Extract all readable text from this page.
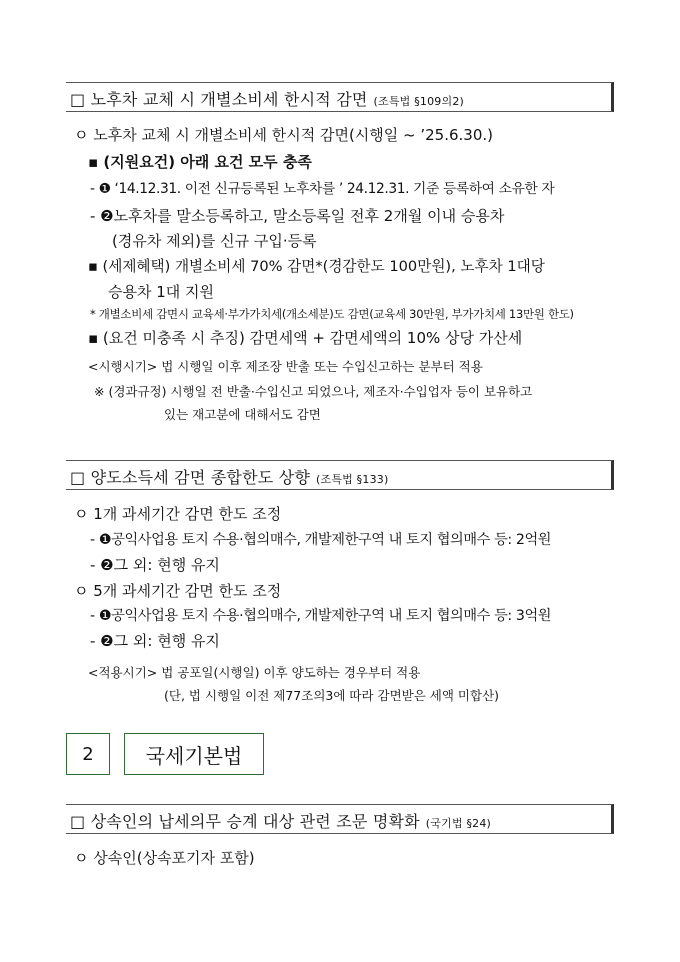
□ 노후차 교체 시 개별소비세 한시적 감면 (조특법 §109의2)
ㅇ 노후차 교체 시 개별소비세 한시적 감면(시행일 ~ ’25.6.30.)
▪ (지원요건) 아래 요건 모두 충족
- ❶ ‘14.12.31. 이전 신규등록된 노후차를 ’ 24.12.31. 기준 등록하여 소유한 자
- ❷노후차를 말소등록하고, 말소등록일 전후 2개월 이내 승용차
(경유차 제외)를 신규 구입·등록
▪ (세제혜택) 개별소비세 70% 감면*(경감한도 100만원), 노후차 1대당
승용차 1대 지원
* 개별소비세 감면시 교육세·부가가치세(개소세분)도 감면(교육세 30만원, 부가가치세 13만원 한도)
▪ (요건 미충족 시 추징) 감면세액 + 감면세액의 10% 상당 가산세
<시행시기> 법 시행일 이후 제조장 반출 또는 수입신고하는 분부터 적용
※ (경과규정) 시행일 전 반출·수입신고 되었으나, 제조자·수입업자 등이 보유하고
있는 재고분에 대해서도 감면
□ 양도소득세 감면 종합한도 상향 (조특법 §133)
ㅇ 1개 과세기간 감면 한도 조정
- ❶공익사업용 토지 수용·협의매수, 개발제한구역 내 토지 협의매수 등: 2억원
- ❷그 외: 현행 유지
ㅇ 5개 과세기간 감면 한도 조정
- ❶공익사업용 토지 수용·협의매수, 개발제한구역 내 토지 협의매수 등: 3억원
- ❷그 외: 현행 유지
<적용시기> 법 공포일(시행일) 이후 양도하는 경우부터 적용
(단, 법 시행일 이전 제77조의3에 따라 감면받은 세액 미합산)
2	국세기본법
□ 상속인의 납세의무 승계 대상 관련 조문 명확화 (국기법 §24)
ㅇ 상속인(상속포기자 포함)
